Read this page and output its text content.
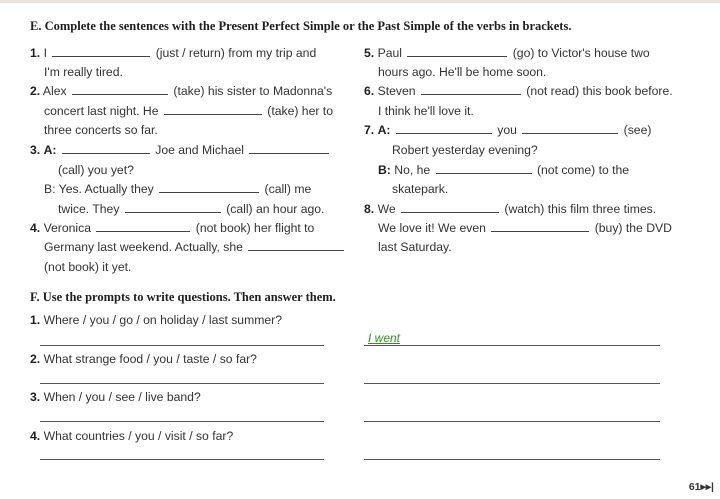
E. Complete the sentences with the Present Perfect Simple or the Past Simple of the verbs in brackets.
1. I	(just / return) from my trip and
I'm really tired.
2. Alex	(take) his sister to Madonna's
concert last night. He	(take) her to
three concerts so far.
3. A:	Joe and Michael
(call) you yet?
B: Yes. Actually they	(call) me
twice. They	(call) an hour ago.
4. Veronica	(not book) her flight to
Germany last weekend. Actually, she
(not book) it yet.
5. Paul	(go) to Victor's house two
hours ago. He'll be home soon.
6. Steven	(not read) this book before.
I think he'll love it.
7. A:	you	(see)
Robert yesterday evening?
B: No, he	(not come) to the
skatepark.
8. We	(watch) this film three times.
We love it! We even	(buy) the DVD
last Saturday.
F. Use the prompts to write questions. Then answer them.
1. Where / you / go / on holiday / last summer?
I went
2. What strange food / you / taste / so far?
3. When / you / see / live band?
4. What countries / you / visit / so far?
61▸▸|
